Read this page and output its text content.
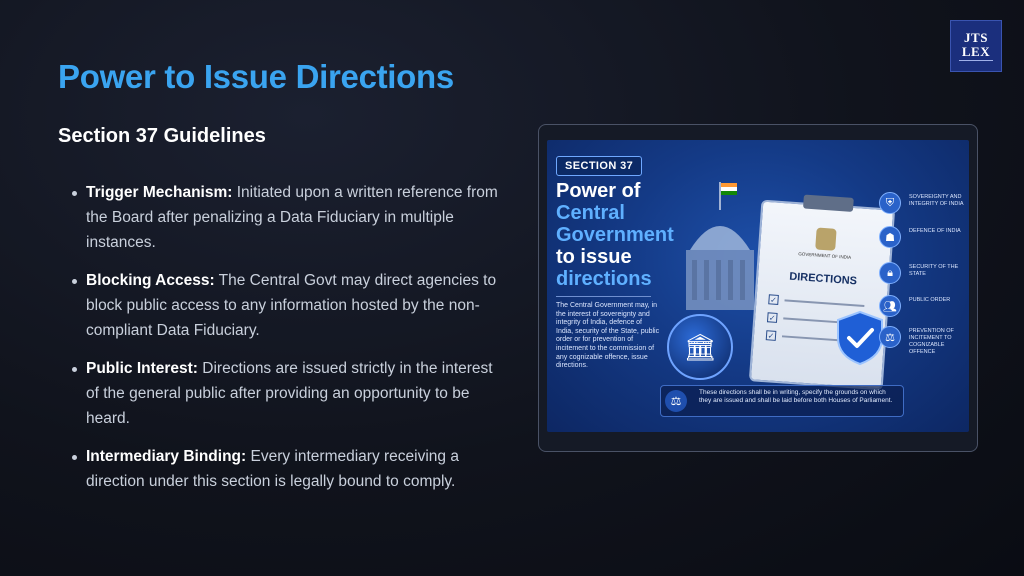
JTS
LEX
Power to Issue Directions
Section 37 Guidelines
Trigger Mechanism: Initiated upon a written reference from the Board after penalizing a Data Fiduciary in multiple instances.
Blocking Access: The Central Govt may direct agencies to block public access to any information hosted by the non-compliant Data Fiduciary.
Public Interest: Directions are issued strictly in the interest of the general public after providing an opportunity to be heard.
Intermediary Binding: Every intermediary receiving a direction under this section is legally bound to comply.
SECTION 37
Power of
Central
Government
to issue
directions

The Central Government may, in the interest of sovereignty and integrity of India, defence of India, security of the State, public order or for prevention of incitement to the commission of any cognizable offence, issue directions.

GOVERNMENT OF INDIA
DIRECTIONS
✓
✓
✓
🏛︎
⛨	SOVEREIGNTY AND INTEGRITY OF INDIA
☗
DEFENCE OF INDIA
🔒︎	SECURITY OF THE STATE
👥︎
PUBLIC ORDER
⚖
PREVENTION OF INCITEMENT TO COGNIZABLE OFFENCE
⚖

These directions shall be in writing, specify the grounds on which they are issued and shall be laid before both Houses of Parliament.
